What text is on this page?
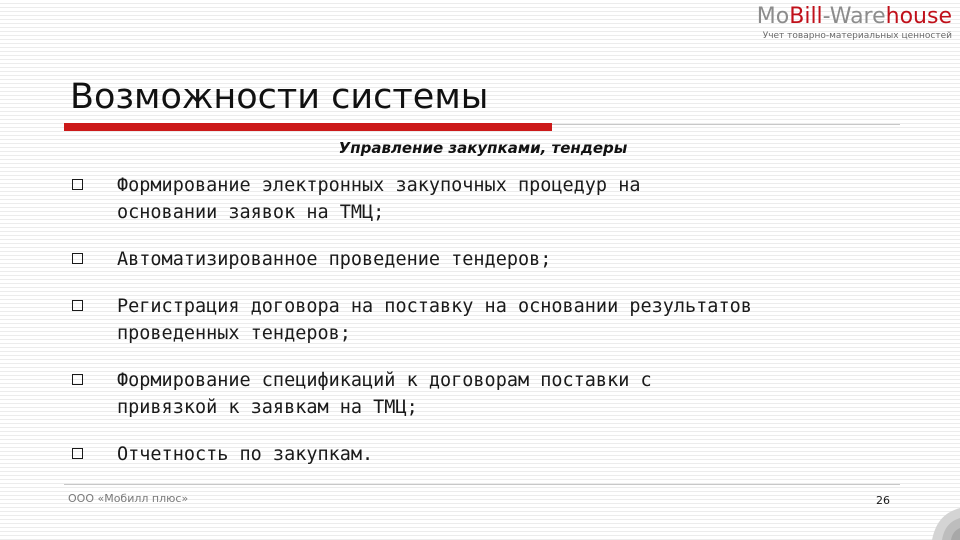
MoBill-Warehouse
Учет товарно-материальных ценностей
Возможности системы
Управление закупками, тендеры
Формирование электронных закупочных процедур на
основании заявок на ТМЦ;
Автоматизированное проведение тендеров;
Регистрация договора на поставку на основании результатов
проведенных тендеров;
Формирование спецификаций к договорам поставки с
привязкой к заявкам на ТМЦ;
Отчетность по закупкам.
ООО «Мобилл плюс»	26
